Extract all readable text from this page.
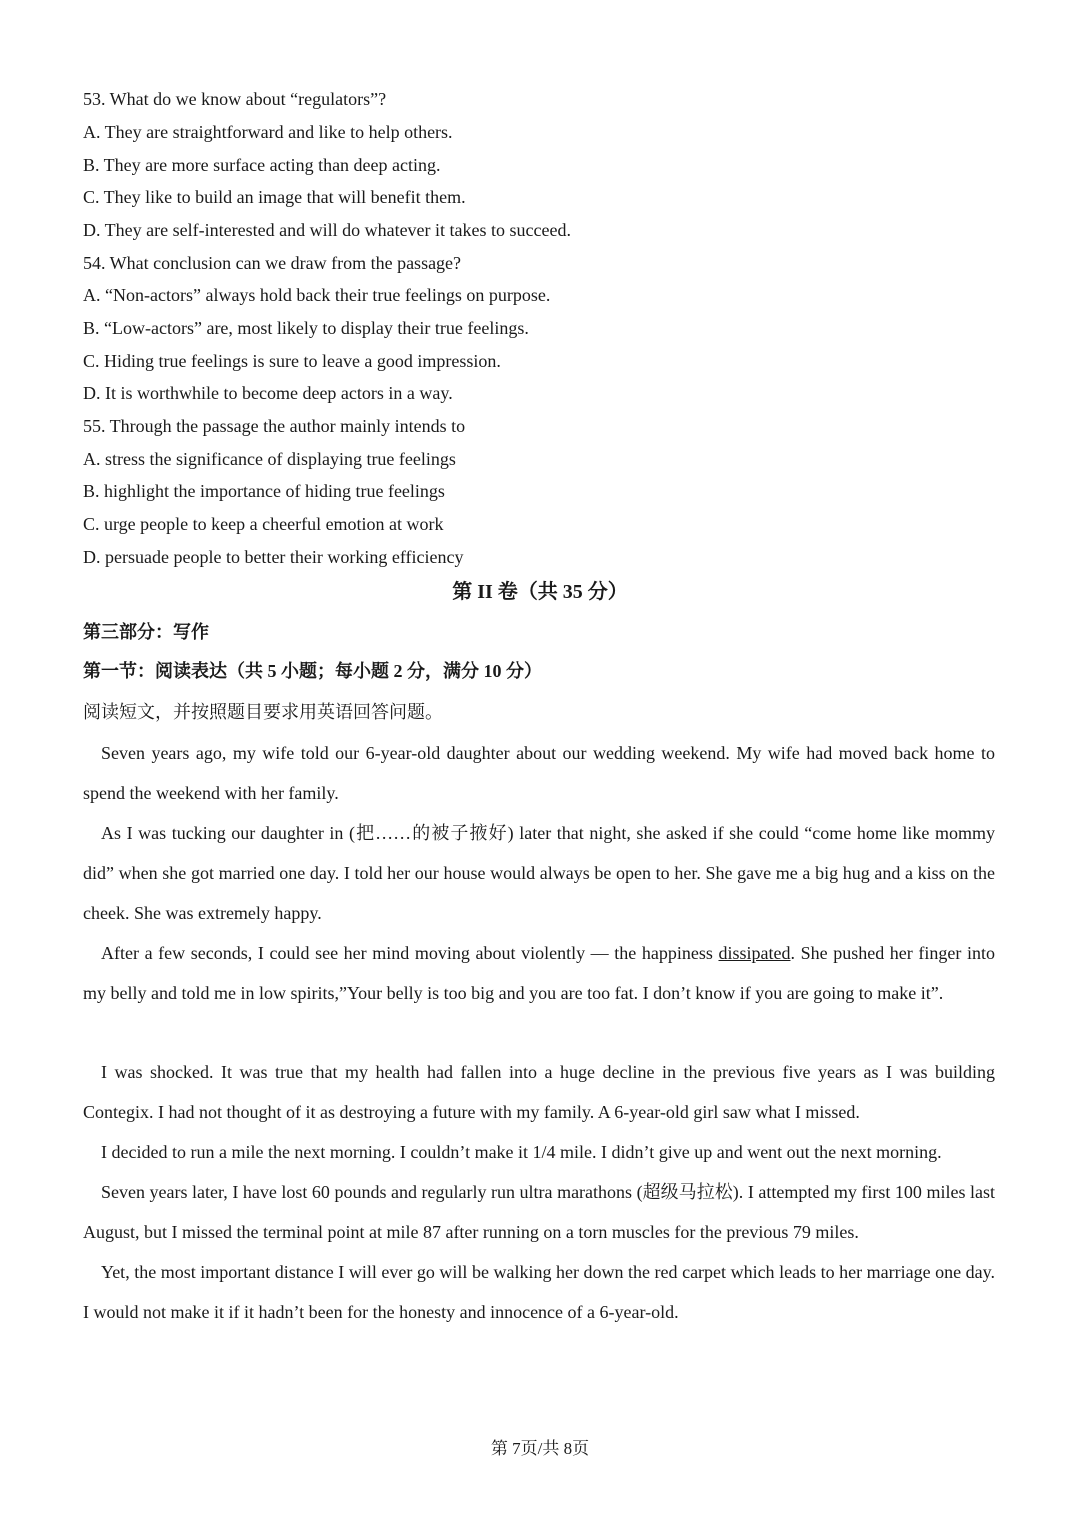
53. What do we know about “regulators”?
A. They are straightforward and like to help others.
B. They are more surface acting than deep acting.
C. They like to build an image that will benefit them.
D. They are self-interested and will do whatever it takes to succeed.
54. What conclusion can we draw from the passage?
A. “Non-actors” always hold back their true feelings on purpose.
B. “Low-actors” are, most likely to display their true feelings.
C. Hiding true feelings is sure to leave a good impression.
D. It is worthwhile to become deep actors in a way.
55. Through the passage the author mainly intends to
A. stress the significance of displaying true feelings
B. highlight the importance of hiding true feelings
C. urge people to keep a cheerful emotion at work
D. persuade people to better their working efficiency
第 II 卷（共 35 分）
第三部分：写作
第一节：阅读表达（共 5 小题；每小题 2 分，满分 10 分）
阅读短文，并按照题目要求用英语回答问题。

Seven years ago, my wife told our 6-year-old daughter about our wedding weekend. My wife had moved back home to spend the weekend with her family.

As I was tucking our daughter in (把……的被子掖好) later that night, she asked if she could “come home like mommy did” when she got married one day. I told her our house would always be open to her. She gave me a big hug and a kiss on the cheek. She was extremely happy.

After a few seconds, I could see her mind moving about violently — the happiness dissipated. She pushed her finger into my belly and told me in low spirits,”Your belly is too big and you are too fat. I don’t know if you are going to make it”.

I was shocked. It was true that my health had fallen into a huge decline in the previous five years as I was building Contegix. I had not thought of it as destroying a future with my family. A 6-year-old girl saw what I missed.

I decided to run a mile the next morning. I couldn’t make it 1/4 mile. I didn’t give up and went out the next morning.

Seven years later, I have lost 60 pounds and regularly run ultra marathons (超级马拉松). I attempted my first 100 miles last August, but I missed the terminal point at mile 87 after running on a torn muscles for the previous 79 miles.

Yet, the most important distance I will ever go will be walking her down the red carpet which leads to her marriage one day. I would not make it if it hadn’t been for the honesty and innocence of a 6-year-old.

第 7页/共 8页
